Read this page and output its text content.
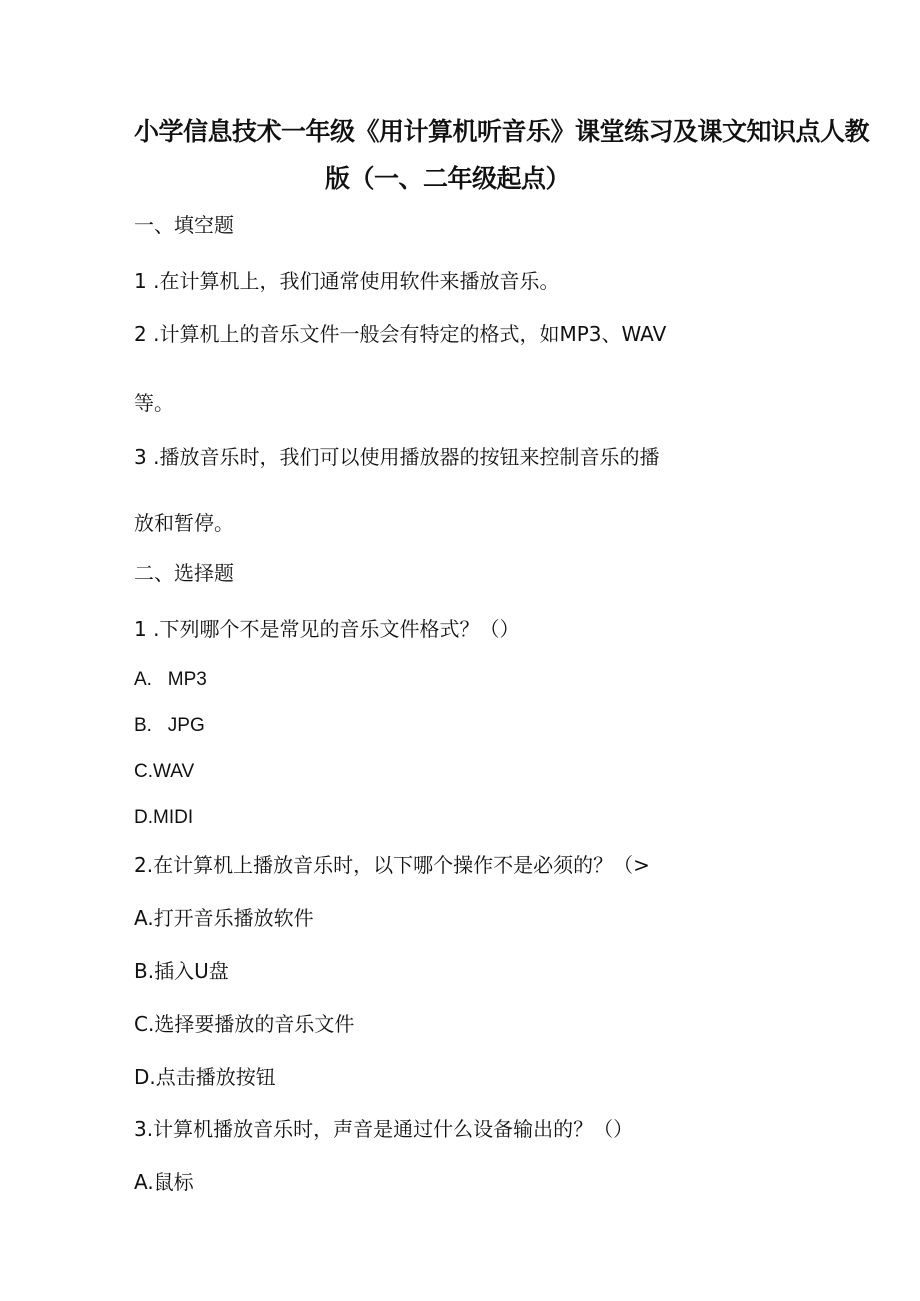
小学信息技术一年级《用计算机听音乐》课堂练习及课文知识点人教
版（一、二年级起点）
一、填空题
1 .在计算机上，我们通常使用软件来播放音乐。
2 .计算机上的音乐文件一般会有特定的格式，如MP3、WAV
等。
3 .播放音乐时，我们可以使用播放器的按钮来控制音乐的播
放和暂停。
二、选择题
1 .下列哪个不是常见的音乐文件格式？（）
A.   MP3
B.   JPG
C.WAV
D.MIDI
2.在计算机上播放音乐时，以下哪个操作不是必须的？（>
A.打开音乐播放软件
B.插入U盘
C.选择要播放的音乐文件
D.点击播放按钮
3.计算机播放音乐时，声音是通过什么设备输出的？（）
A.鼠标
